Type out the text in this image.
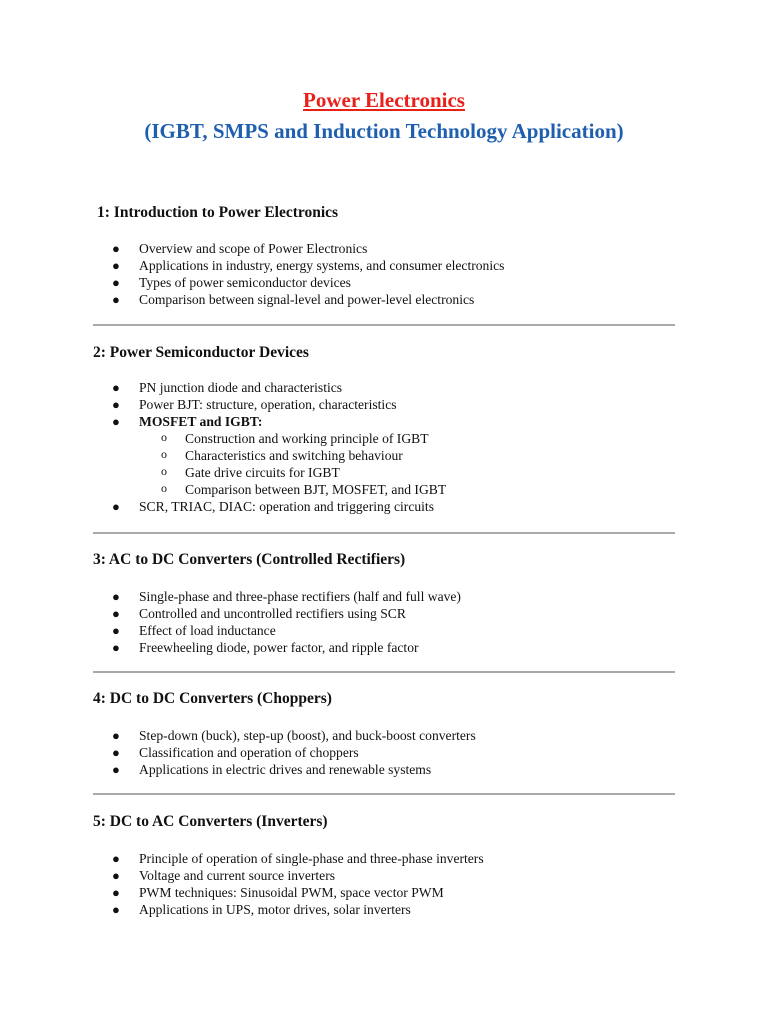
Power Electronics
(IGBT, SMPS and Induction Technology Application)
1: Introduction to Power Electronics
● Overview and scope of Power Electronics
● Applications in industry, energy systems, and consumer electronics
● Types of power semiconductor devices
● Comparison between signal-level and power-level electronics
2: Power Semiconductor Devices
● PN junction diode and characteristics
● Power BJT: structure, operation, characteristics
● MOSFET and IGBT:
o Construction and working principle of IGBT
o Characteristics and switching behaviour
o Gate drive circuits for IGBT
o Comparison between BJT, MOSFET, and IGBT
● SCR, TRIAC, DIAC: operation and triggering circuits
3: AC to DC Converters (Controlled Rectifiers)
● Single-phase and three-phase rectifiers (half and full wave)
● Controlled and uncontrolled rectifiers using SCR
● Effect of load inductance
● Freewheeling diode, power factor, and ripple factor
4: DC to DC Converters (Choppers)
● Step-down (buck), step-up (boost), and buck-boost converters
● Classification and operation of choppers
● Applications in electric drives and renewable systems
5: DC to AC Converters (Inverters)
● Principle of operation of single-phase and three-phase inverters
● Voltage and current source inverters
● PWM techniques: Sinusoidal PWM, space vector PWM
● Applications in UPS, motor drives, solar inverters
